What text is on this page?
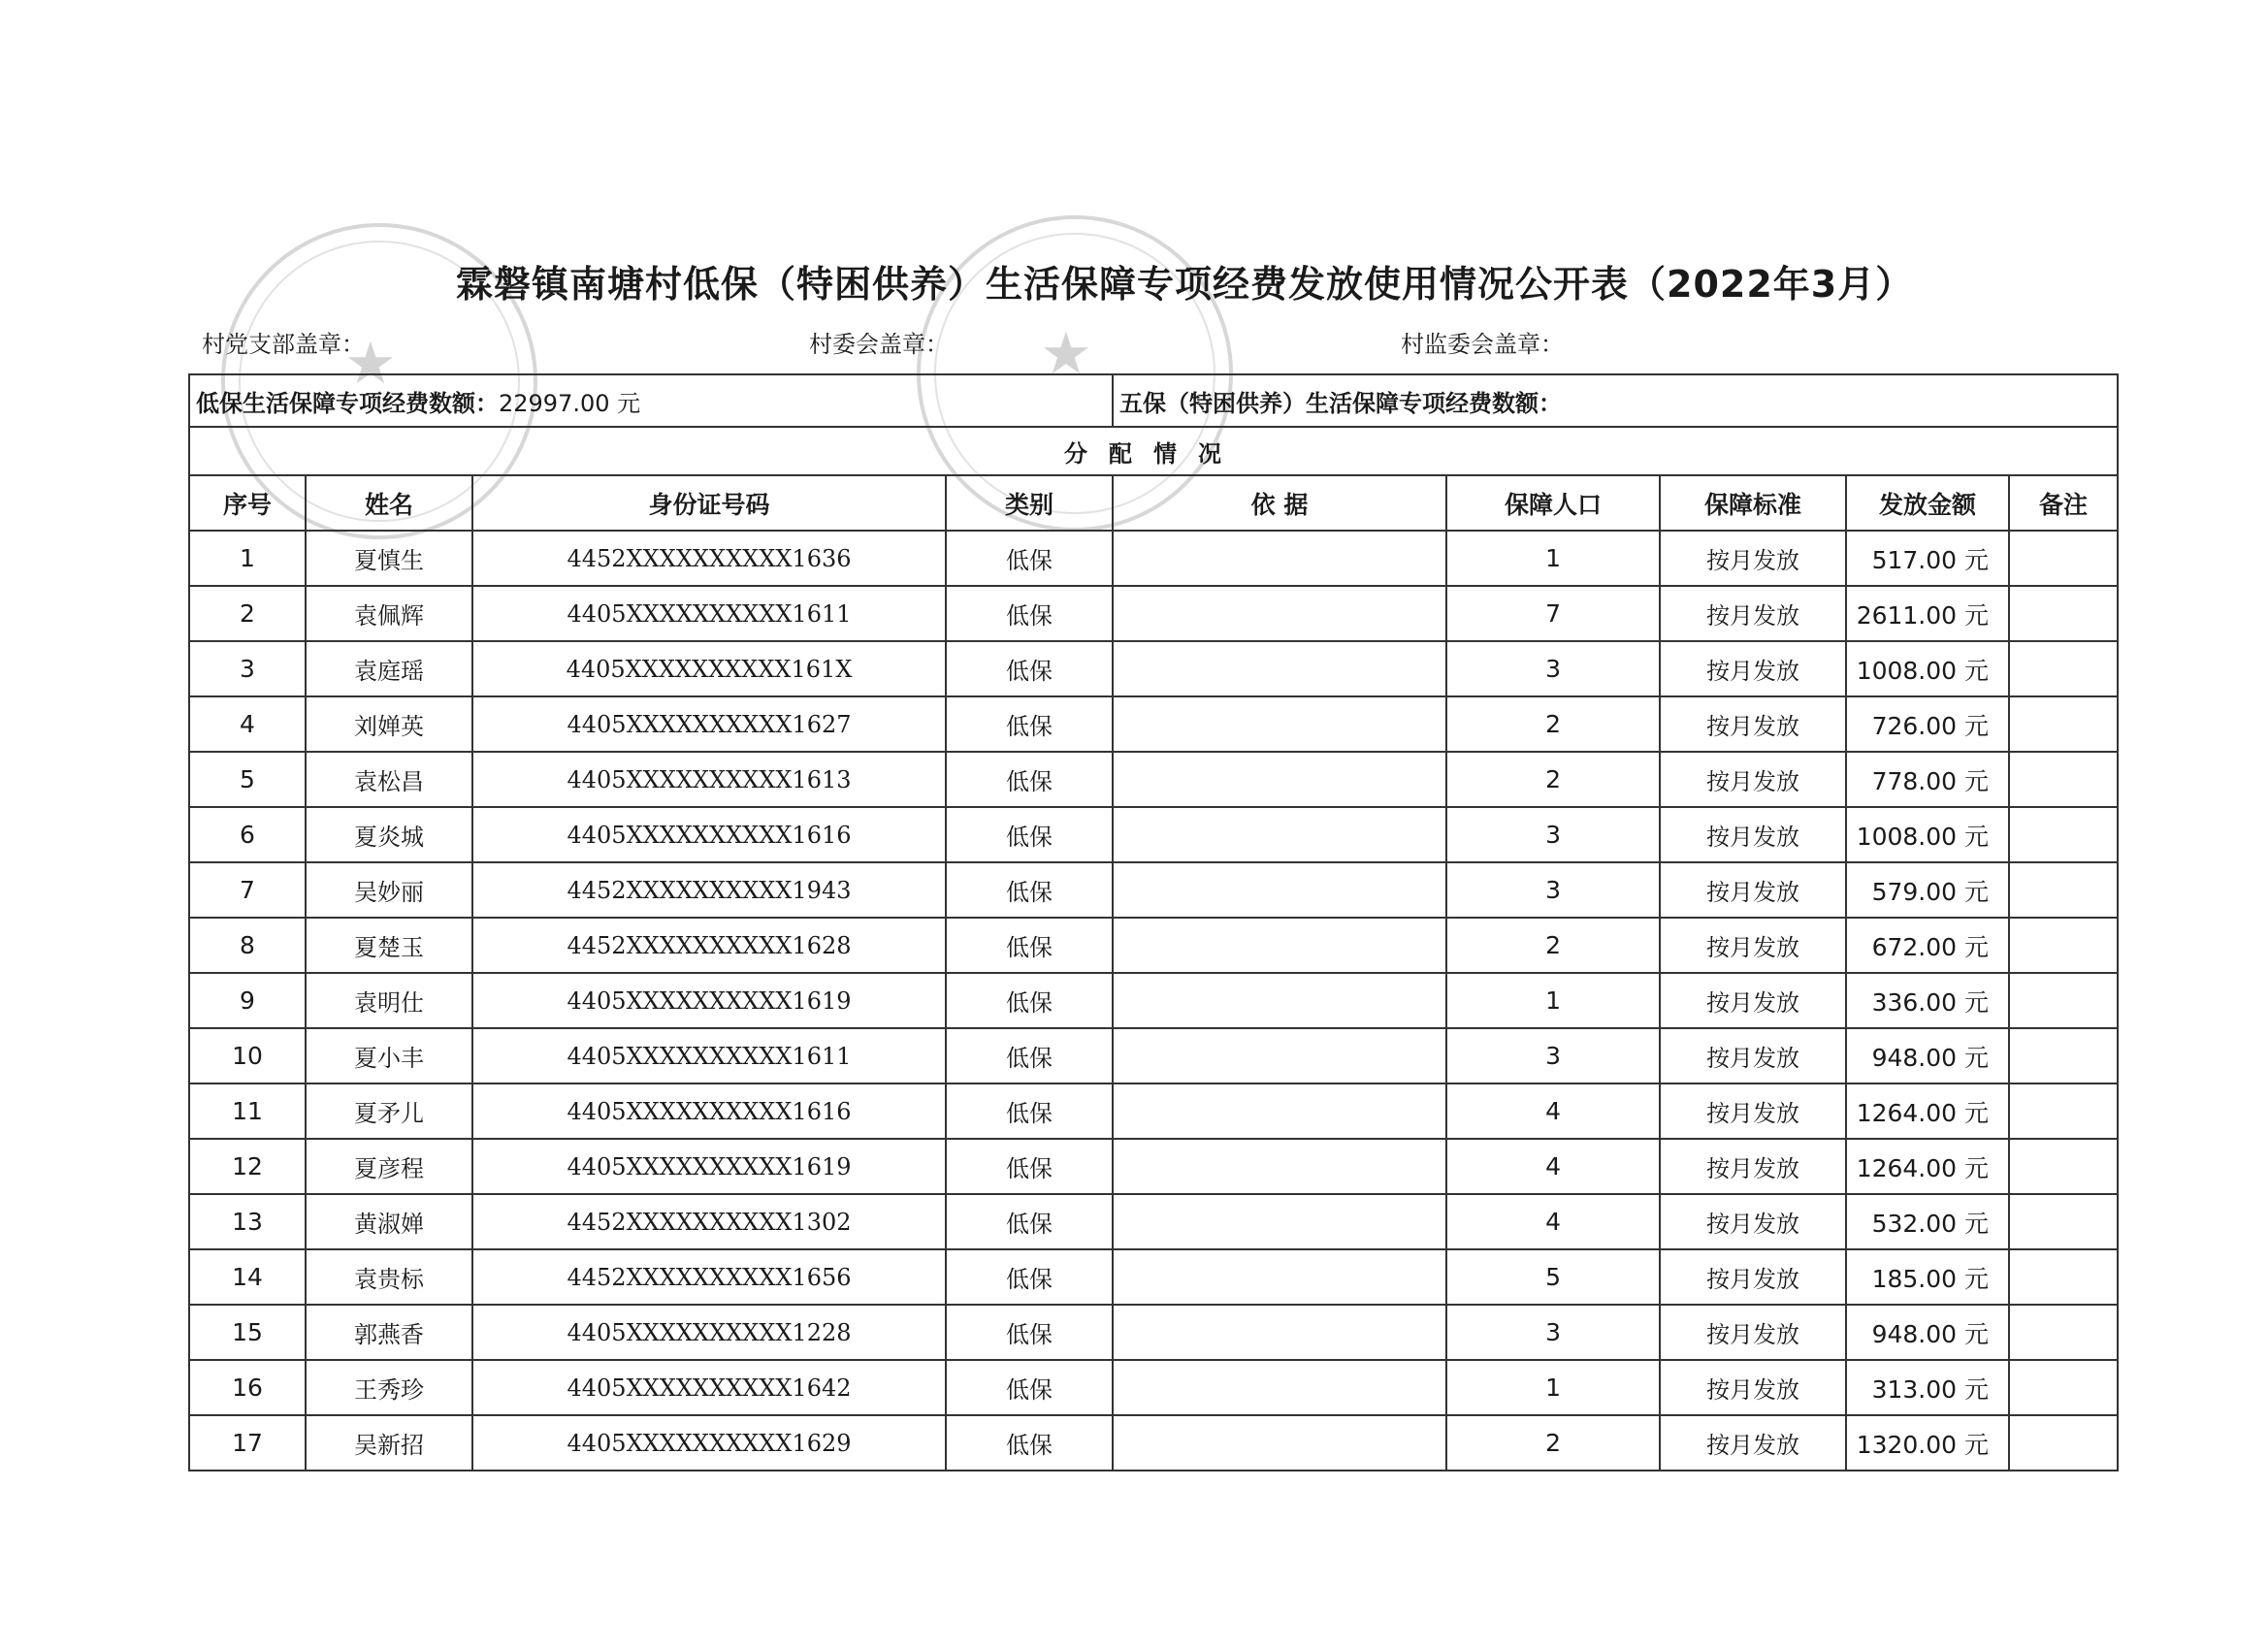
★	★
霖磐镇南塘村低保（特困供养）生活保障专项经费发放使用情况公开表（2022年3月）
村党支部盖章：	村委会盖章：	村监委会盖章：
低保生活保障专项经费数额：22997.00 元				五保（特困供养）生活保障专项经费数额：				
分配情况								
序号	姓名	身份证号码	类别	依 据	保障人口	保障标准	发放金额	备注
1	夏慎生	4452XXXXXXXXXX1636	低保		1	按月发放	517.00 元	
2	袁佩辉	4405XXXXXXXXXX1611	低保		7	按月发放	2611.00 元	
3	袁庭瑶	4405XXXXXXXXXX161X	低保		3	按月发放	1008.00 元	
4	刘婵英	4405XXXXXXXXXX1627	低保		2	按月发放	726.00 元	
5	袁松昌	4405XXXXXXXXXX1613	低保		2	按月发放	778.00 元	
6	夏炎城	4405XXXXXXXXXX1616	低保		3	按月发放	1008.00 元	
7	吴妙丽	4452XXXXXXXXXX1943	低保		3	按月发放	579.00 元	
8	夏楚玉	4452XXXXXXXXXX1628	低保		2	按月发放	672.00 元	
9	袁明仕	4405XXXXXXXXXX1619	低保		1	按月发放	336.00 元	
10	夏小丰	4405XXXXXXXXXX1611	低保		3	按月发放	948.00 元	
11	夏矛儿	4405XXXXXXXXXX1616	低保		4	按月发放	1264.00 元	
12	夏彦程	4405XXXXXXXXXX1619	低保		4	按月发放	1264.00 元	
13	黄淑婵	4452XXXXXXXXXX1302	低保		4	按月发放	532.00 元	
14	袁贵标	4452XXXXXXXXXX1656	低保		5	按月发放	185.00 元	
15	郭燕香	4405XXXXXXXXXX1228	低保		3	按月发放	948.00 元	
16	王秀珍	4405XXXXXXXXXX1642	低保		1	按月发放	313.00 元	
17	吴新招	4405XXXXXXXXXX1629	低保		2	按月发放	1320.00 元	
